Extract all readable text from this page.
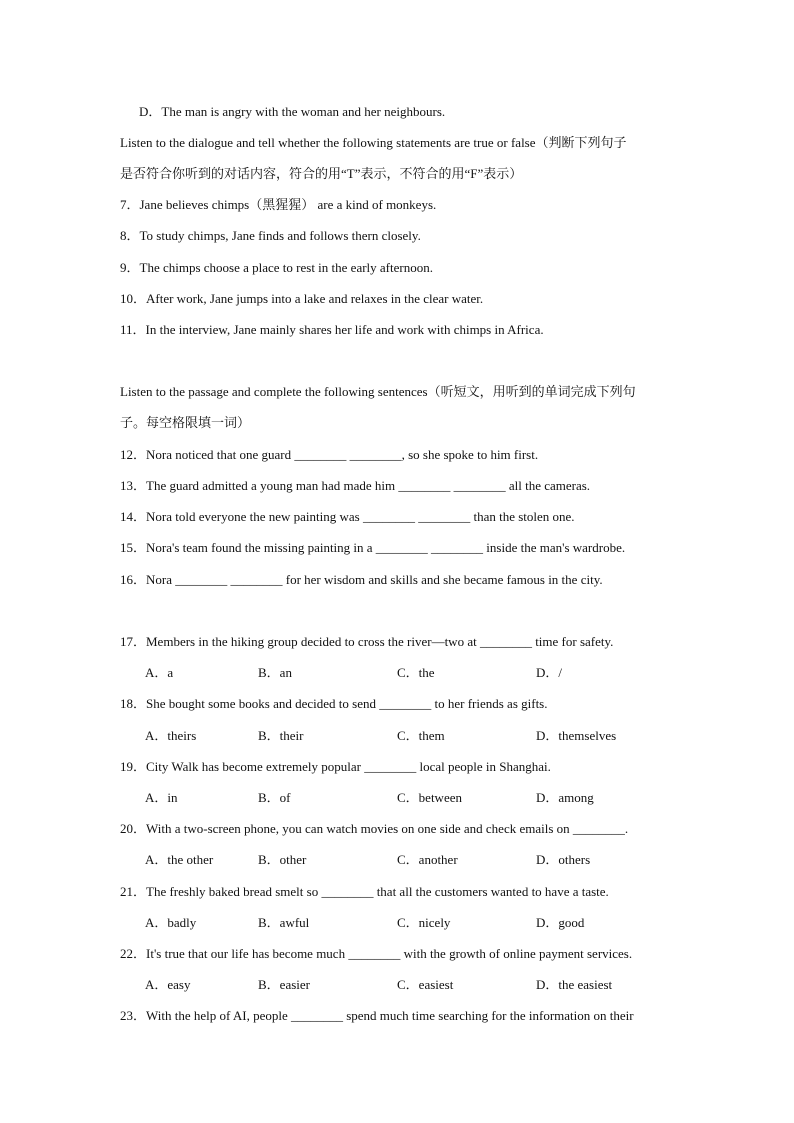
D．The man is angry with the woman and her neighbours.
Listen to the dialogue and tell whether the following statements are true or false（判断下列句子
是否符合你听到的对话内容，符合的用“T”表示，不符合的用“F”表示）
7．Jane believes chimps（黑猩猩） are a kind of monkeys.
8．To study chimps, Jane finds and follows thern closely.
9．The chimps choose a place to rest in the early afternoon.
10．After work, Jane jumps into a lake and relaxes in the clear water.
11．In the interview, Jane mainly shares her life and work with chimps in Africa.
Listen to the passage and complete the following sentences（听短文，用听到的单词完成下列句
子。每空格限填一词）
12．Nora noticed that one guard ________ ________, so she spoke to him first.
13．The guard admitted a young man had made him ________ ________ all the cameras.
14．Nora told everyone the new painting was ________ ________ than the stolen one.
15．Nora's team found the missing painting in a ________ ________ inside the man's wardrobe.
16．Nora ________ ________ for her wisdom and skills and she became famous in the city.
17．Members in the hiking group decided to cross the river—two at ________ time for safety.
A．a	B．an	C．the	D．/
18．She bought some books and decided to send ________ to her friends as gifts.
A．theirs	B．their	C．them	D．themselves
19．City Walk has become extremely popular ________ local people in Shanghai.
A．in	B．of	C．between	D．among
20．With a two-screen phone, you can watch movies on one side and check emails on ________.
A．the other	B．other	C．another	D．others
21．The freshly baked bread smelt so ________ that all the customers wanted to have a taste.
A．badly	B．awful	C．nicely	D．good
22．It's true that our life has become much ________ with the growth of online payment services.
A．easy	B．easier	C．easiest	D．the easiest
23．With the help of AI, people ________ spend much time searching for the information on their
